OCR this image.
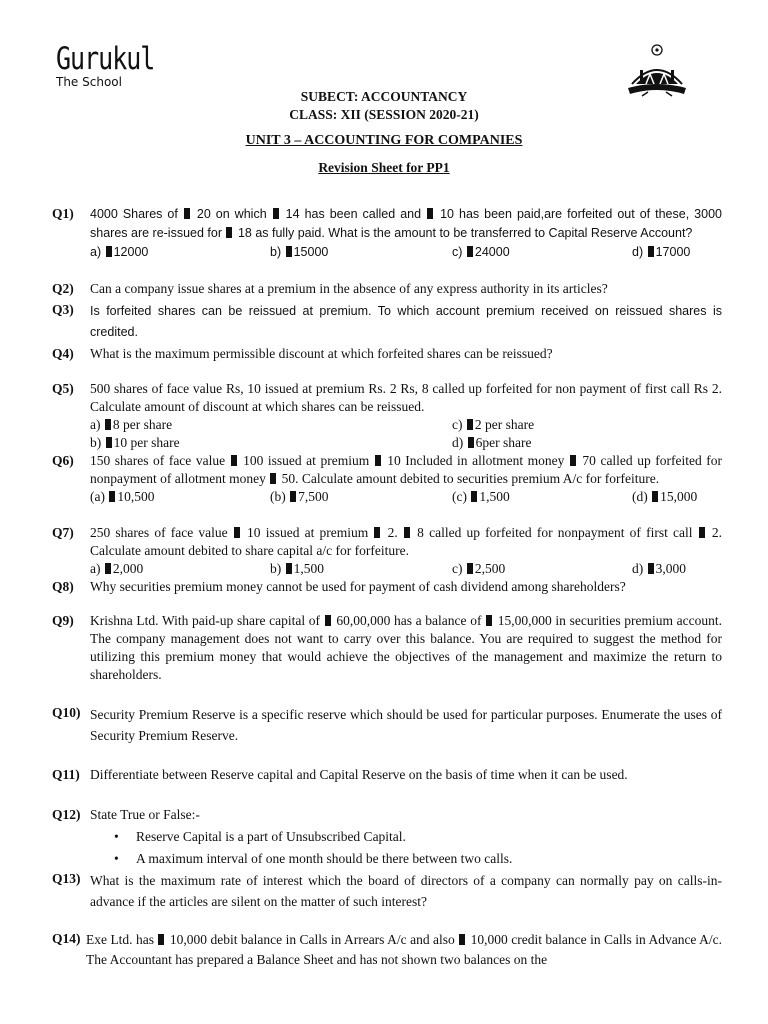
Gurukul
The School
SUBECT: ACCOUNTANCY
CLASS: XII (SESSION 2020-21)
UNIT 3 – ACCOUNTING FOR COMPANIES
Revision Sheet for PP1
Q1) 4000 Shares of  20 on which  14 has been called and  10 has been paid,are forfeited out of these, 3000 shares are re-issued for  18 as fully paid. What is the amount to be transferred to Capital Reserve Account?
a) 12000	b) 15000	c) 24000	d) 17000
Q2) Can a company issue shares at a premium in the absence of any express authority in its articles?
Q3) Is forfeited shares can be reissued at premium. To which account premium received on reissued shares is credited.
Q4) What is the maximum permissible discount at which forfeited shares can be reissued?
Q5) 500 shares of face value Rs, 10 issued at premium Rs. 2 Rs, 8 called up forfeited for non payment of first call Rs 2. Calculate amount of discount at which shares can be reissued.
a) 8 per share	c) 2 per share
b) 10 per share	d) 6per share
Q6) 150 shares of face value  100 issued at premium  10 Included in allotment money  70 called up forfeited for nonpayment of allotment money  50. Calculate amount debited to securities premium A/c for forfeiture.
(a) 10,500	(b) 7,500	(c) 1,500	(d) 15,000
Q7) 250 shares of face value  10 issued at premium  2.  8 called up forfeited for nonpayment of first call  2. Calculate amount debited to share capital a/c for forfeiture.
a) 2,000	b) 1,500	c) 2,500	d) 3,000
Q8) Why securities premium money cannot be used for payment of cash dividend among shareholders?
Q9) Krishna Ltd. With paid-up share capital of  60,00,000 has a balance of  15,00,000 in securities premium account. The company management does not want to carry over this balance. You are required to suggest the method for utilizing this premium money that would achieve the objectives of the management and maximize the return to shareholders.
Q10) Security Premium Reserve is a specific reserve which should be used for particular purposes. Enumerate the uses of Security Premium Reserve.
Q11) Differentiate between Reserve capital and Capital Reserve on the basis of time when it can be used.
Q12) State True or False:-
• Reserve Capital is a part of Unsubscribed Capital.
• A maximum interval of one month should be there between two calls.
Q13) What is the maximum rate of interest which the board of directors of a company can normally pay on calls-in-advance if the articles are silent on the matter of such interest?
Q14) Exe Ltd. has  10,000 debit balance in Calls in Arrears A/c and also  10,000 credit balance in Calls in Advance A/c. The Accountant has prepared a Balance Sheet and has not shown two balances on the
